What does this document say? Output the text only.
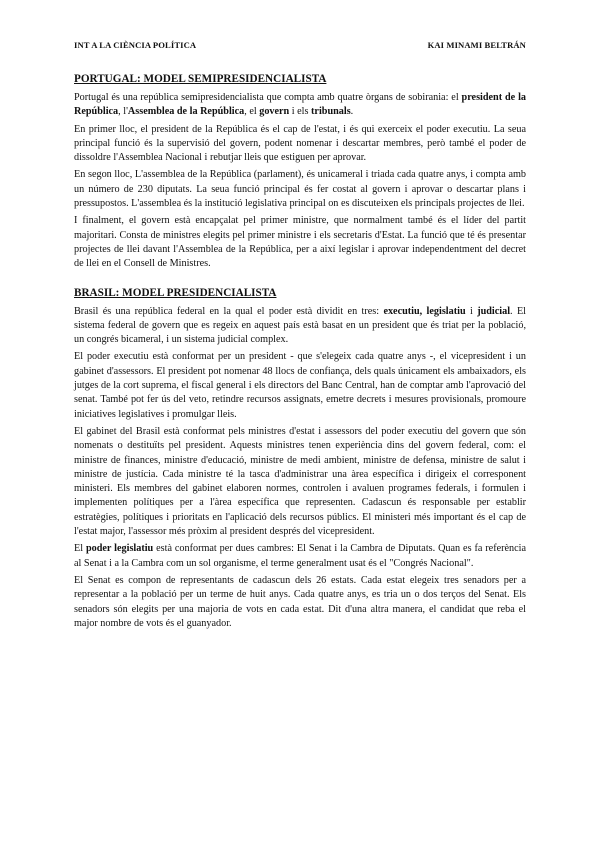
INT A LA CIÈNCIA POLÍTICA	KAI MINAMI BELTRÁN
PORTUGAL: MODEL SEMIPRESIDENCIALISTA

Portugal és una república semipresidencialista que compta amb quatre òrgans de sobirania: el president de la República, l'Assemblea de la República, el govern i els tribunals.

En primer lloc, el president de la República és el cap de l'estat, i és qui exerceix el poder executiu. La seua principal funció és la supervisió del govern, podent nomenar i descartar membres, però també el poder de dissoldre l'Assemblea Nacional i rebutjar lleis que estiguen per aprovar.

En segon lloc, L'assemblea de la República (parlament), és unicameral i triada cada quatre anys, i compta amb un número de 230 diputats. La seua funció principal és fer costat al govern i aprovar o descartar plans i pressupostos. L'assemblea és la institució legislativa principal on es discuteixen els principals projectes de llei.

I finalment, el govern està encapçalat pel primer ministre, que normalment també és el líder del partit majoritari. Consta de ministres elegits pel primer ministre i els secretaris d'Estat. La funció que té és presentar projectes de llei davant l'Assemblea de la República, per a així legislar i aprovar independentment del decret de llei en el Consell de Ministres.

BRASIL: MODEL PRESIDENCIALISTA

Brasil és una república federal en la qual el poder està dividit en tres: executiu, legislatiu i judicial. El sistema federal de govern que es regeix en aquest país està basat en un president que és triat per la població, un congrés bicameral, i un sistema judicial complex.

El poder executiu està conformat per un president - que s'elegeix cada quatre anys -, el vicepresident i un gabinet d'assessors. El president pot nomenar 48 llocs de confiança, dels quals únicament els ambaixadors, els jutges de la cort suprema, el fiscal general i els directors del Banc Central, han de comptar amb l'aprovació del senat. També pot fer ús del veto, retindre recursos assignats, emetre decrets i mesures provisionals, promoure iniciatives legislatives i promulgar lleis.

El gabinet del Brasil està conformat pels ministres d'estat i assessors del poder executiu del govern que són nomenats o destituïts pel president. Aquests ministres tenen experiència dins del govern federal, com: el ministre de finances, ministre d'educació, ministre de medi ambient, ministre de defensa, ministre de salut i ministre de justícia. Cada ministre té la tasca d'administrar una àrea específica i dirigeix el corresponent ministeri. Els membres del gabinet elaboren normes, controlen i avaluen programes federals, i formulen i implementen polítiques per a l'àrea específica que representen. Cadascun és responsable per establir estratègies, polítiques i prioritats en l'aplicació dels recursos públics. El ministeri més important és el cap de l'estat major, l'assessor més pròxim al president després del vicepresident.

El poder legislatiu està conformat per dues cambres: El Senat i la Cambra de Diputats. Quan es fa referència al Senat i a la Cambra com un sol organisme, el terme generalment usat és el "Congrés Nacional".

El Senat es compon de representants de cadascun dels 26 estats. Cada estat elegeix tres senadors per a representar a la població per un terme de huit anys. Cada quatre anys, es tria un o dos terços del Senat. Els senadors són elegits per una majoria de vots en cada estat. Dit d'una altra manera, el candidat que reba el major nombre de vots és el guanyador.
